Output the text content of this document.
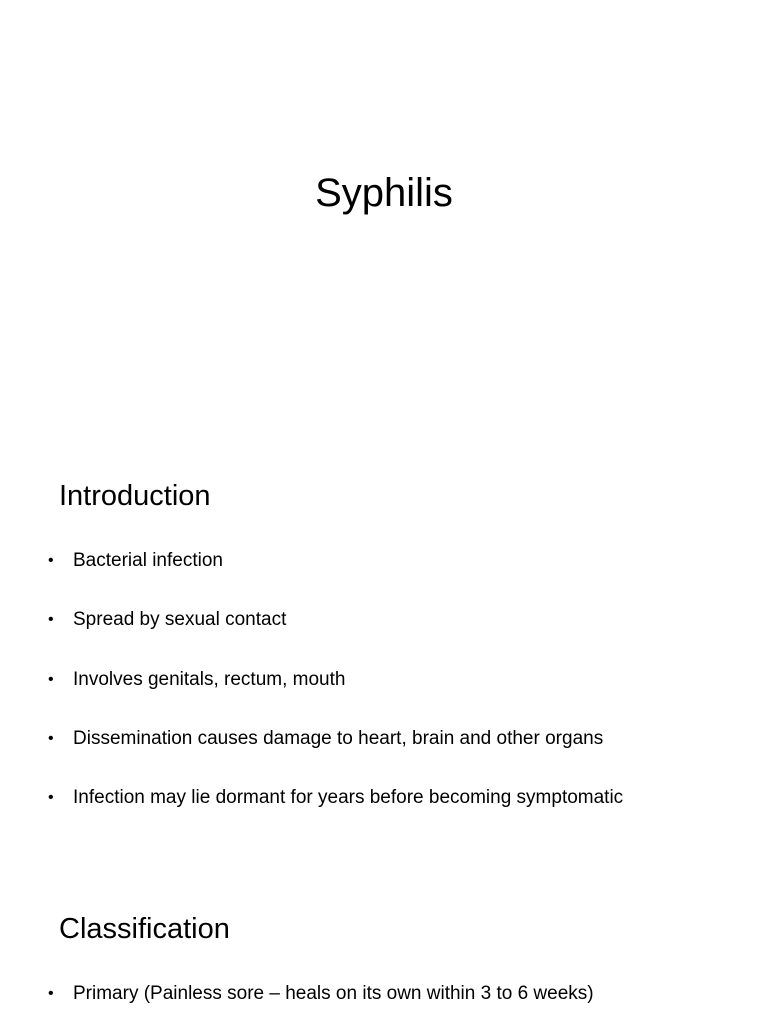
Syphilis
Introduction
•	Bacterial infection
•	Spread by sexual contact
•	Involves genitals, rectum, mouth
•	Dissemination causes damage to heart, brain and other organs
•	Infection may lie dormant for years before becoming symptomatic
Classification
•	Primary (Painless sore – heals on its own within 3 to 6 weeks)
